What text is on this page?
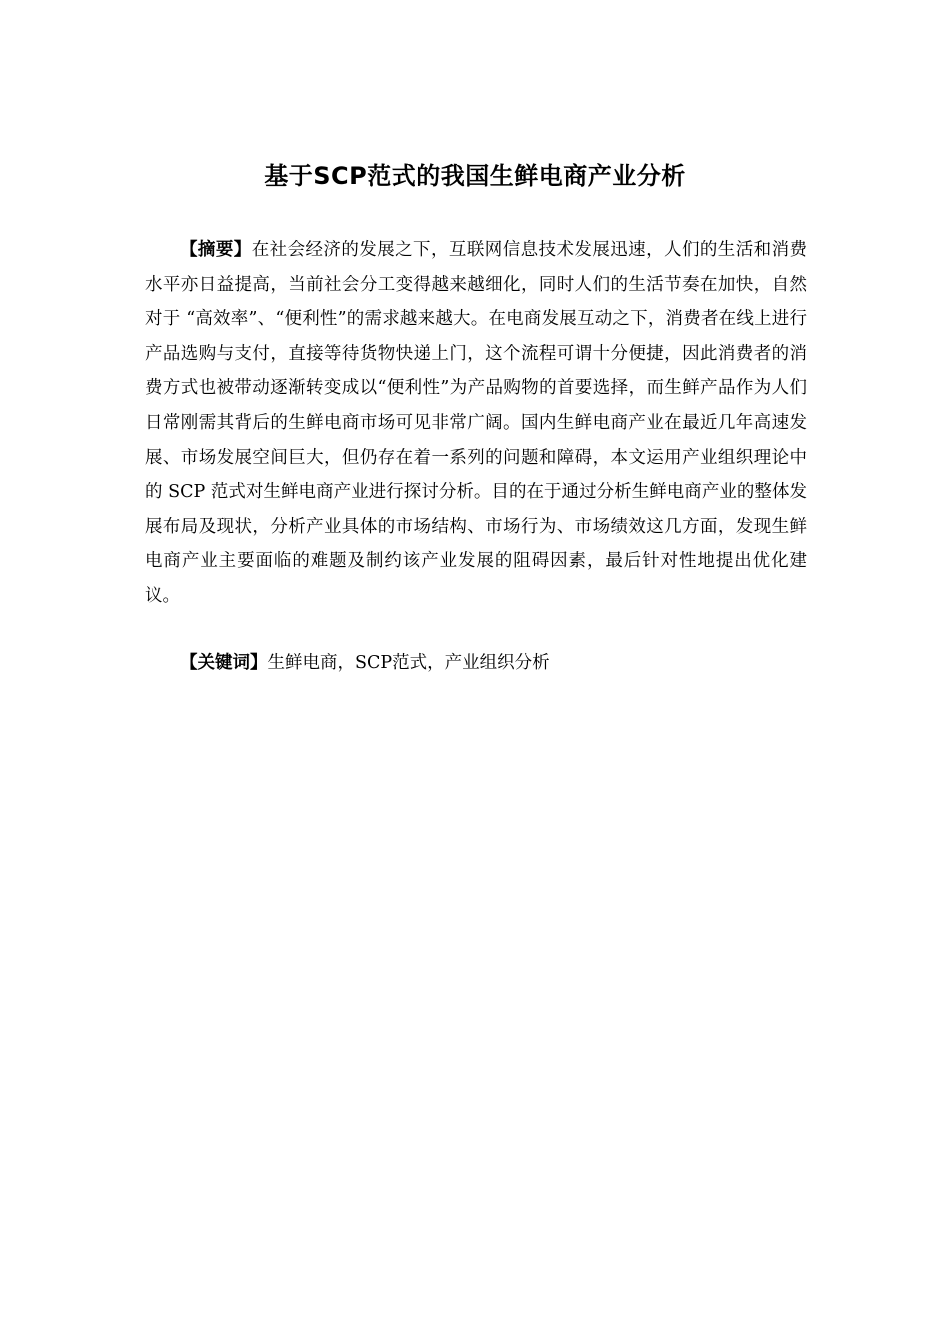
基于SCP范式的我国生鲜电商产业分析

【摘要】在社会经济的发展之下，互联网信息技术发展迅速，人们的生活和消费水平亦日益提高，当前社会分工变得越来越细化，同时人们的生活节奏在加快，自然对于 “高效率”、“便利性”的需求越来越大。在电商发展互动之下，消费者在线上进行产品选购与支付，直接等待货物快递上门，这个流程可谓十分便捷，因此消费者的消费方式也被带动逐渐转变成以“便利性”为产品购物的首要选择，而生鲜产品作为人们日常刚需其背后的生鲜电商市场可见非常广阔。国内生鲜电商产业在最近几年高速发展、市场发展空间巨大，但仍存在着一系列的问题和障碍，本文运用产业组织理论中的 SCP 范式对生鲜电商产业进行探讨分析。目的在于通过分析生鲜电商产业的整体发展布局及现状，分析产业具体的市场结构、市场行为、市场绩效这几方面，发现生鲜电商产业主要面临的难题及制约该产业发展的阻碍因素，最后针对性地提出优化建议。

【关键词】生鲜电商，SCP范式，产业组织分析
